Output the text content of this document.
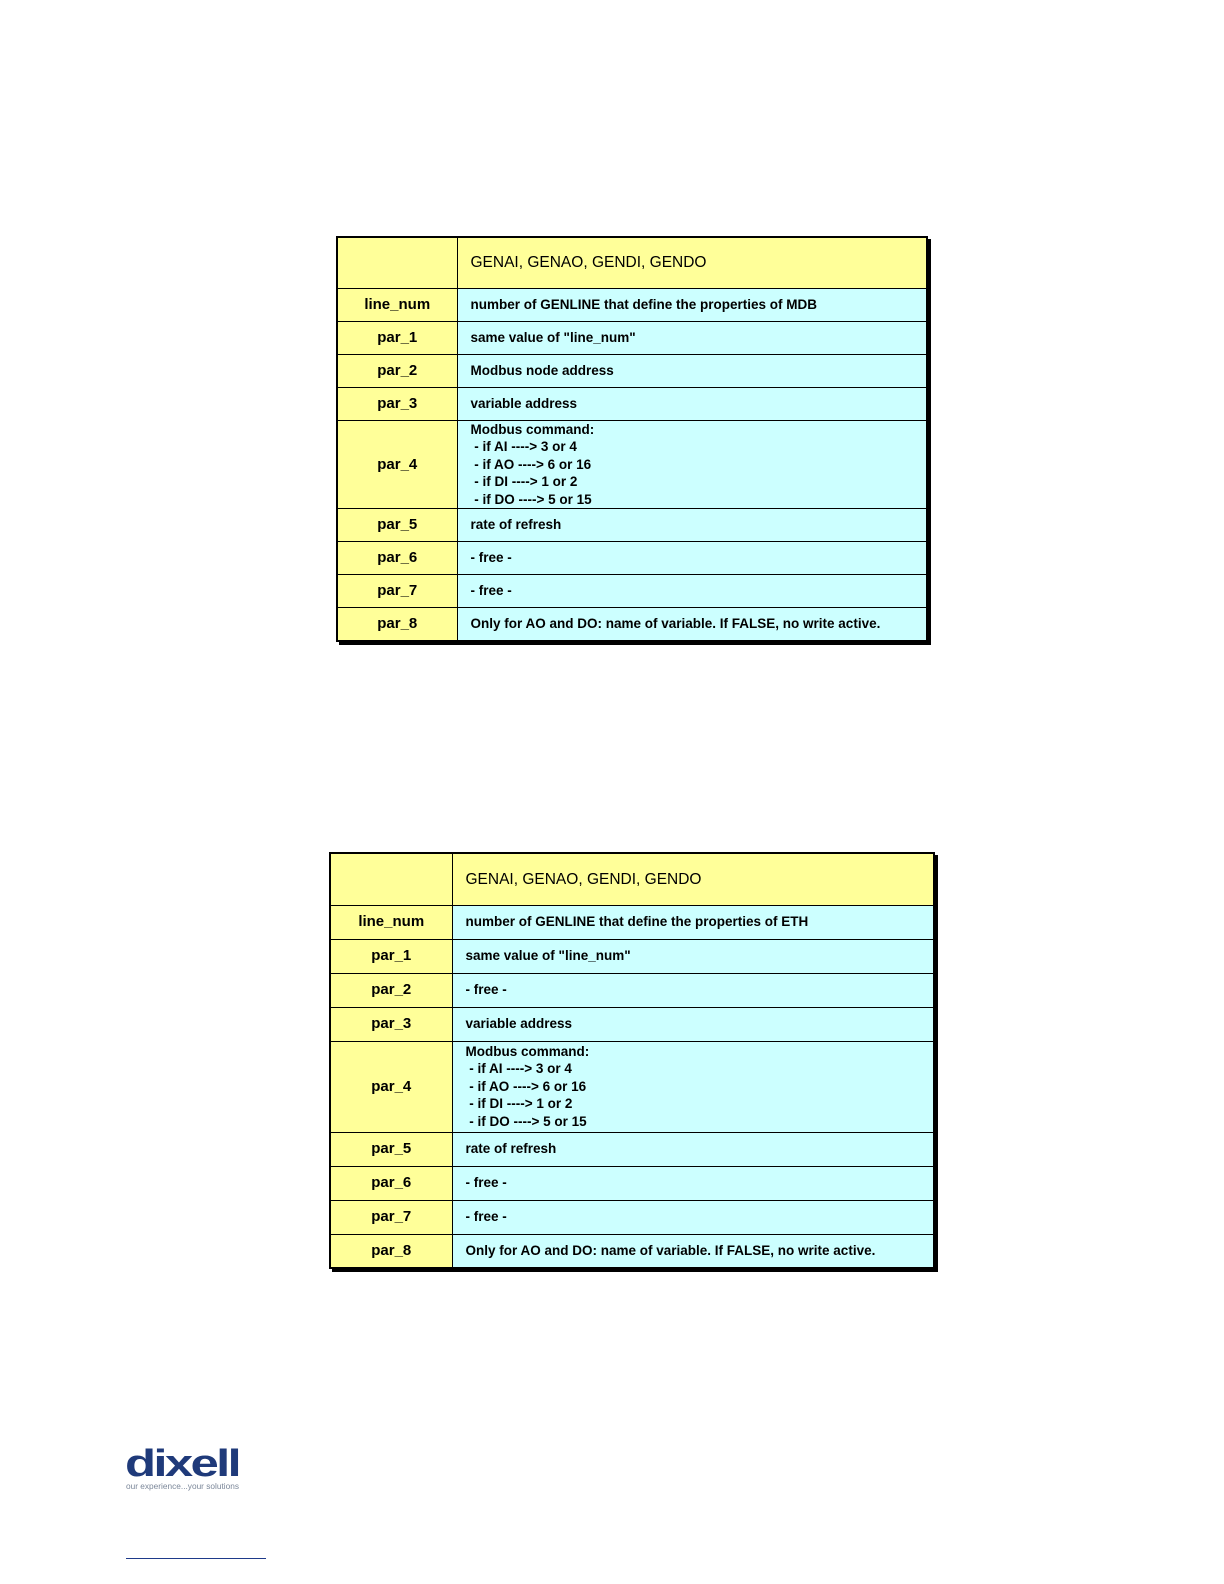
	GENAI, GENAO, GENDI, GENDO
line_num	number of GENLINE that define the properties of MDB

par_1	same value of "line_num"

par_2	Modbus node address

par_3	variable address

par_4	Modbus command:
- if AI ----> 3 or 4
- if AO ----> 6 or 16
- if DI ----> 1 or 2
- if DO ----> 5 or 15

par_5	rate of refresh

par_6	- free -

par_7	- free -

par_8	Only for AO and DO: name of variable. If FALSE, no write active.
	GENAI, GENAO, GENDI, GENDO
line_num	number of GENLINE that define the properties of ETH

par_1	same value of "line_num"

par_2	- free -

par_3	variable address

par_4	Modbus command:
- if AI ----> 3 or 4
- if AO ----> 6 or 16
- if DI ----> 1 or 2
- if DO ----> 5 or 15

par_5	rate of refresh

par_6	- free -

par_7	- free -

par_8	Only for AO and DO: name of variable. If FALSE, no write active.
dixell
our experience...your solutions
